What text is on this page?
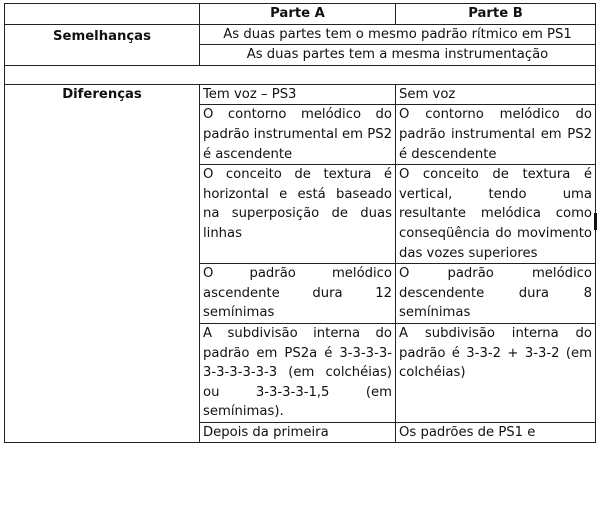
	Parte A	Parte B
Semelhanças	As duas partes tem o mesmo padrão rítmico em PS1	
	As duas partes tem a mesma instrumentação	

Diferenças	Tem voz – PS3	Sem voz
	O contorno melódico do padrão instrumental em PS2 é ascendente	O contorno melódico do padrão instrumental em PS2 é descendente
	O conceito de textura é horizontal e está baseado na superposição de duas linhas	O conceito de textura é vertical, tendo uma resultante melódica como conseqüência do movimento das vozes superiores
	O padrão melódico ascendente dura 12 semínimas	O padrão melódico descendente dura 8 semínimas
	A subdivisão interna do padrão em PS2a é 3-3-3-3-3-3-3-3-3-3 (em colchéias) ou 3-3-3-3-1,5 (em semínimas).	A subdivisão interna do padrão é 3-3-2 + 3-3-2 (em colchéias)

	Depois da primeira	Os padrões de PS1 e
